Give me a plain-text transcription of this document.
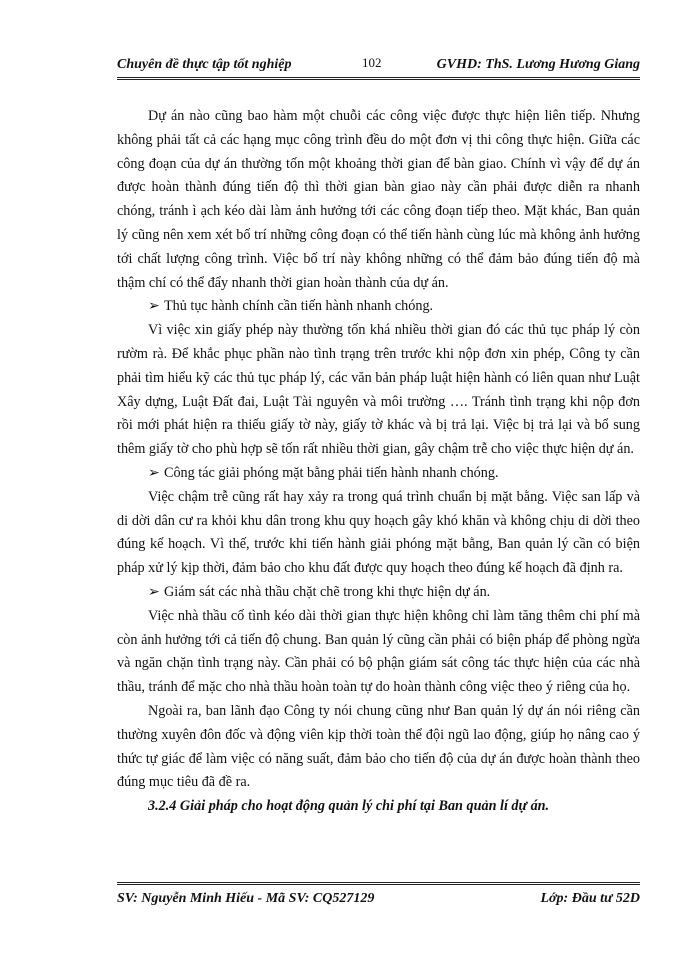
Chuyên đề thực tập tốt nghiệp	102	GVHD: ThS. Lương Hương Giang

Dự án nào cũng bao hàm một chuỗi các công việc được thực hiện liên tiếp. Nhưng không phải tất cả các hạng mục công trình đều do một đơn vị thi công thực hiện. Giữa các công đoạn của dự án thường tốn một khoảng thời gian để bàn giao. Chính vì vậy để dự án được hoàn thành đúng tiến độ thì thời gian bàn giao này cần phải được diễn ra nhanh chóng, tránh ì ạch kéo dài làm ảnh hưởng tới các công đoạn tiếp theo. Mặt khác, Ban quản lý cũng nên xem xét bố trí những công đoạn có thể tiến hành cùng lúc mà không ảnh hưởng tới chất lượng công trình. Việc bố trí này không những có thể đảm bảo đúng tiến độ mà thậm chí có thể đẩy nhanh thời gian hoàn thành của dự án.

➢ Thủ tục hành chính cần tiến hành nhanh chóng.

Vì việc xin giấy phép này thường tốn khá nhiều thời gian đó các thủ tục pháp lý còn rườm rà. Để khắc phục phần nào tình trạng trên trước khi nộp đơn xin phép, Công ty cần phải tìm hiểu kỹ các thủ tục pháp lý, các văn bản pháp luật hiện hành có liên quan như Luật Xây dựng, Luật Đất đai, Luật Tài nguyên và môi trường …. Tránh tình trạng khi nộp đơn rồi mới phát hiện ra thiếu giấy tờ này, giấy tờ khác và bị trả lại. Việc bị trả lại và bổ sung thêm giấy tờ cho phù hợp sẽ tốn rất nhiều thời gian, gây chậm trễ cho việc thực hiện dự án.

➢ Công tác giải phóng mặt bằng phải tiến hành nhanh chóng.

Việc chậm trễ cũng rất hay xảy ra trong quá trình chuẩn bị mặt bằng. Việc san lấp và di dời dân cư ra khỏi khu dân trong khu quy hoạch gây khó khăn và không chịu di dời theo đúng kế hoạch. Vì thế, trước khi tiến hành giải phóng mặt bằng, Ban quản lý cần có biện pháp xử lý kịp thời, đảm bảo cho khu đất được quy hoạch theo đúng kế hoạch đã định ra.

➢ Giám sát các nhà thầu chặt chẽ trong khi thực hiện dự án.

Việc nhà thầu cố tình kéo dài thời gian thực hiện không chỉ làm tăng thêm chi phí mà còn ảnh hưởng tới cả tiến độ chung. Ban quản lý cũng cần phải có biện pháp để phòng ngừa và ngăn chặn tình trạng này. Cần phải có bộ phận giám sát công tác thực hiện của các nhà thầu, tránh để mặc cho nhà thầu hoàn toàn tự do hoàn thành công việc theo ý riêng của họ.

Ngoài ra, ban lãnh đạo Công ty nói chung cũng như Ban quản lý dự án nói riêng cần thường xuyên đôn đốc và động viên kịp thời toàn thể đội ngũ lao động, giúp họ nâng cao ý thức tự giác để làm việc có năng suất, đảm bảo cho tiến độ của dự án được hoàn thành theo đúng mục tiêu đã đề ra.

3.2.4 Giải pháp cho hoạt động quản lý chi phí tại Ban quản lí dự án.
SV: Nguyễn Minh Hiếu - Mã SV: CQ527129	Lớp: Đầu tư 52D
